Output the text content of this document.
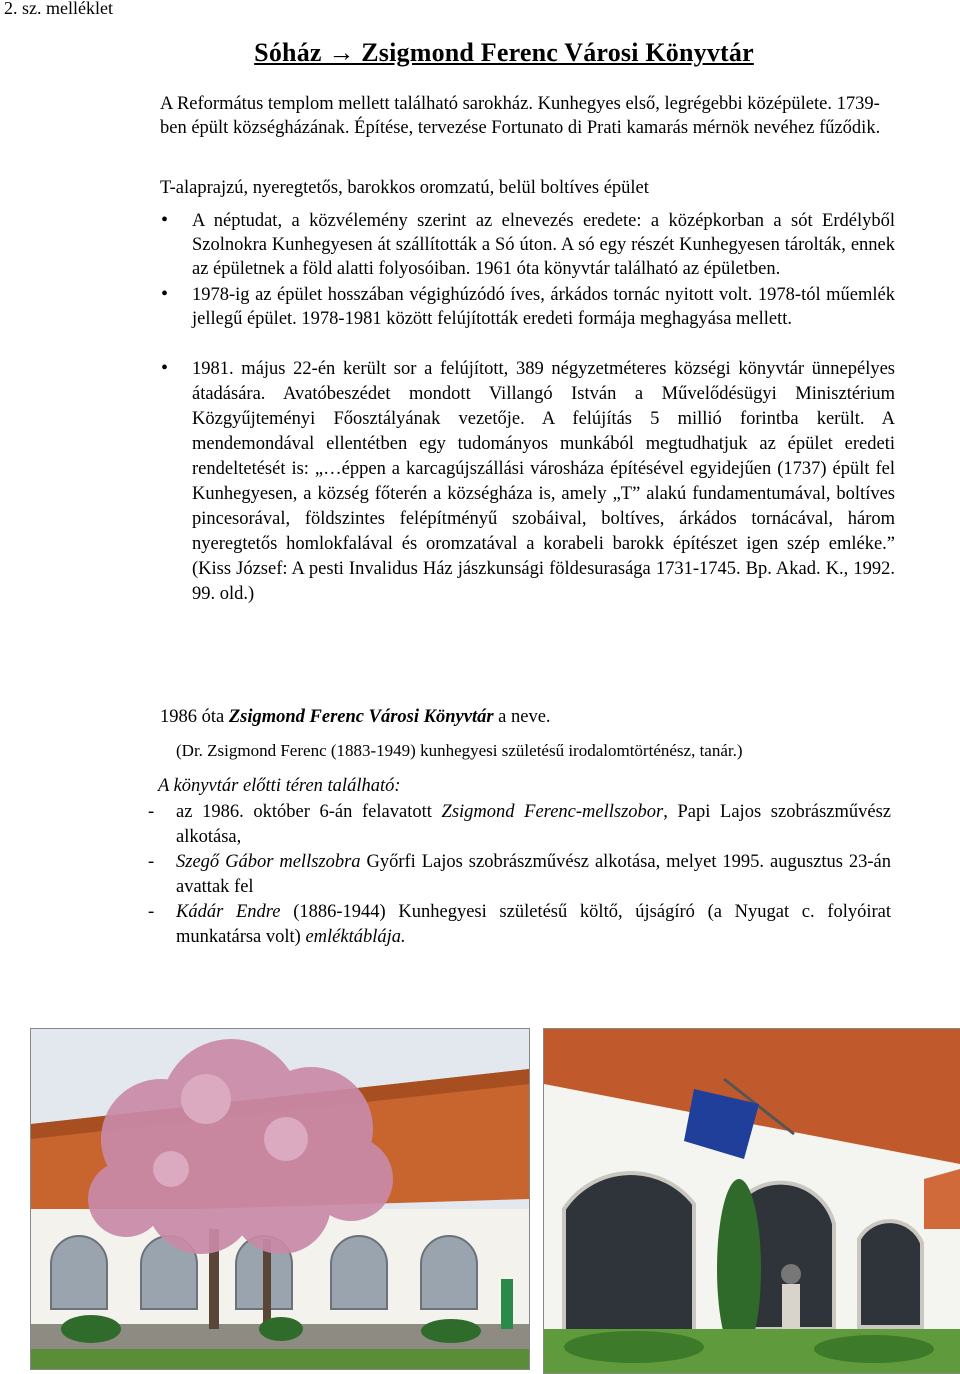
2. sz. melléklet
Sóház → Zsigmond Ferenc Városi Könyvtár
A Református templom mellett található sarokház. Kunhegyes első, legrégebbi középülete. 1739-ben épült községházának. Építése, tervezése Fortunato di Prati kamarás mérnök nevéhez fűződik.
T-alaprajzú, nyeregtetős, barokkos oromzatú, belül boltíves épület
A néptudat, a közvélemény szerint az elnevezés eredete: a középkorban a sót Erdélyből Szolnokra Kunhegyesen át szállították a Só úton. A só egy részét Kunhegyesen tárolták, ennek az épületnek a föld alatti folyosóiban. 1961 óta könyvtár található az épületben.
1978-ig az épület hosszában végighúzódó íves, árkádos tornác nyitott volt. 1978-tól műemlék jellegű épület. 1978-1981 között felújították eredeti formája meghagyása mellett.
1981. május 22-én került sor a felújított, 389 négyzetméteres községi könyvtár ünnepélyes átadására. Avatóbeszédet mondott Villangó István a Művelődésügyi Minisztérium Közgyűjteményi Főosztályának vezetője. A felújítás 5 millió forintba került. A mendemondával ellentétben egy tudományos munkából megtudhatjuk az épület eredeti rendeltetését is: „…éppen a karcagújszállási városháza építésével egyidejűen (1737) épült fel Kunhegyesen, a község főterén a községháza is, amely „T” alakú fundamentumával, boltíves pincesorával, földszintes felépítményű szobáival, boltíves, árkádos tornácával, három nyeregtetős homlokfalával és oromzatával a korabeli barokk építészet igen szép emléke.” (Kiss József: A pesti Invalidus Ház jászkunsági földesurasága 1731-1745. Bp. Akad. K., 1992. 99. old.)
1986 óta Zsigmond Ferenc Városi Könyvtár a neve.
(Dr. Zsigmond Ferenc (1883-1949) kunhegyesi születésű irodalomtörténész, tanár.)
A könyvtár előtti téren található:
- az 1986. október 6-án felavatott Zsigmond Ferenc-mellszobor, Papi Lajos szobrászművész alkotása,
- Szegő Gábor mellszobra Győrfi Lajos szobrászművész alkotása, melyet 1995. augusztus 23-án avattak fel
- Kádár Endre (1886-1944) Kunhegyesi születésű költő, újságíró (a Nyugat c. folyóirat munkatársa volt) emléktáblája.
